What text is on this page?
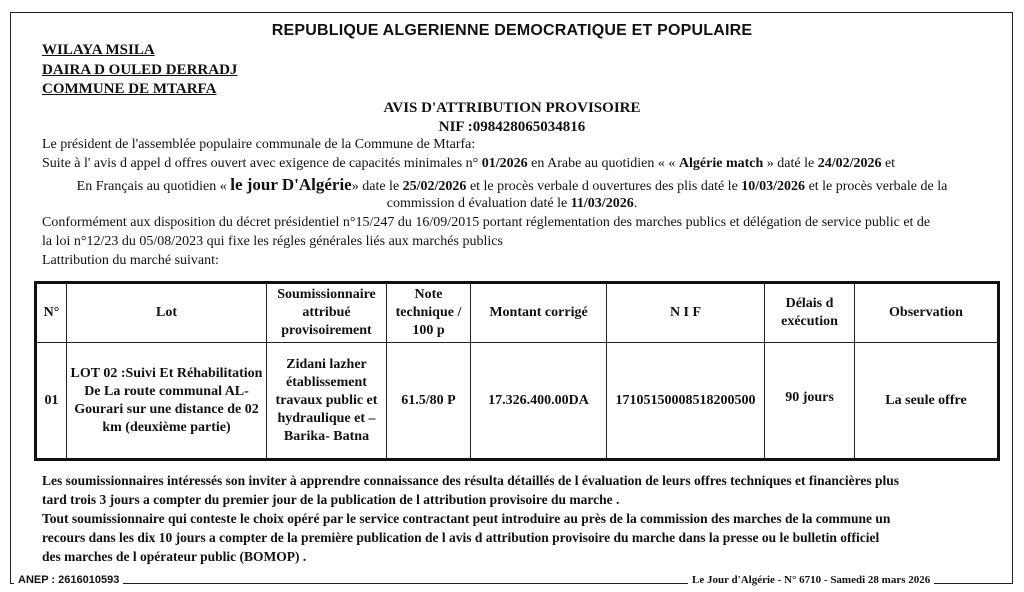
REPUBLIQUE ALGERIENNE DEMOCRATIQUE ET POPULAIRE
WILAYA MSILA
DAIRA D OULED DERRADJ
COMMUNE DE MTARFA
AVIS D'ATTRIBUTION PROVISOIRE
NIF :098428065034816
Le président de l'assemblée populaire communale de la Commune de Mtarfa:
Suite à l' avis d appel d offres ouvert avec exigence de capacités minimales n° 01/2026 en Arabe au quotidien « « Algérie match » daté le 24/02/2026 et
En Français au quotidien « le jour D'Algérie» date le 25/02/2026 et le procès verbale d ouvertures des plis daté le 10/03/2026 et le procès verbale de la
commission d évaluation daté le 11/03/2026.
Conformément aux disposition du décret présidentiel n°15/247 du 16/09/2015 portant réglementation des marches publics et délégation de service public et de
la loi n°12/23 du 05/08/2023 qui fixe les régles générales liés aux marchés publics
Lattribution du marché suivant:
N°	Lot	Soumissionnaire attribué provisoirement	Note technique / 100 p	Montant corrigé	N I F	Délais d exécution	Observation
01	LOT 02 :Suivi Et Réhabilitation De La route communal AL-Gourari sur une distance de 02 km (deuxième partie)	Zidani lazher établissement travaux public et hydraulique et – Barika- Batna	61.5/80 P	17.326.400.00DA	171051500085182005​00	90 jours	La seule offre
Les soumissionnaires intéressés son inviter à apprendre connaissance des résulta détaillés de l évaluation de leurs offres techniques et financières plus
tard trois 3 jours a compter du premier jour de la publication de l attribution provisoire du marche .
Tout soumissionnaire qui conteste le choix opéré par le service contractant peut introduire au près de la commission des marches de la commune un
recours dans les dix 10 jours a compter de la première publication de l avis d attribution provisoire du marche dans la presse ou le bulletin officiel
des marches de l opérateur public (BOMOP) .
ANEP : 2616010593	Le Jour d'Algérie - N° 6710 - Samedi 28 mars 2026
